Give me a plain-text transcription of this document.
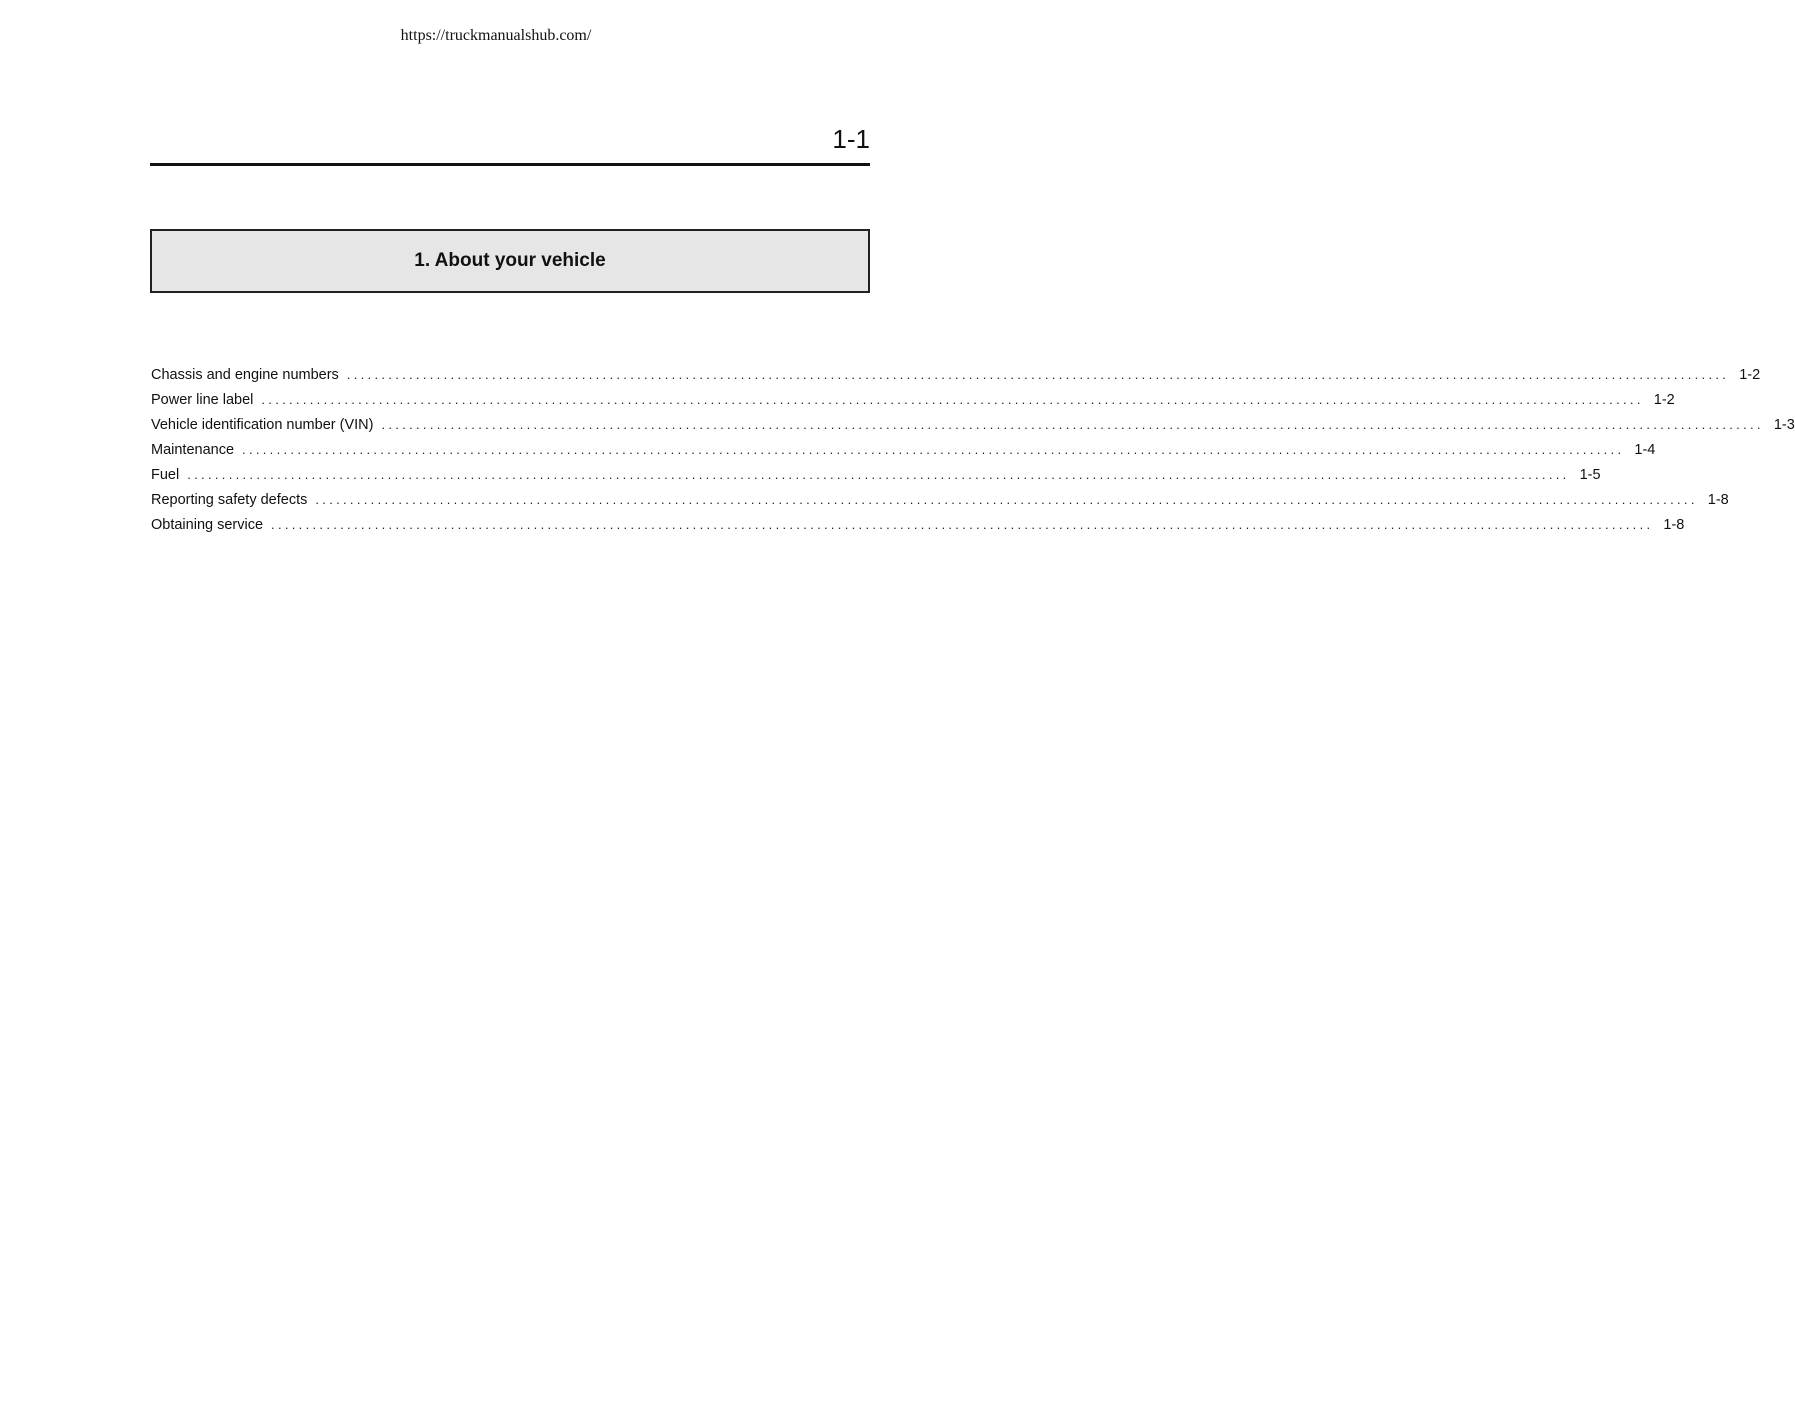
https://truckmanualshub.com/
1-1
1. About your vehicle
Chassis and engine numbers ........................................................................................................................................................................................................ 1-2
Power line label ........................................................................................................................................................................................................ 1-2
Vehicle identification number (VIN) ........................................................................................................................................................................................................ 1-3
Maintenance ........................................................................................................................................................................................................ 1-4
Fuel ........................................................................................................................................................................................................ 1-5
Reporting safety defects ........................................................................................................................................................................................................ 1-8
Obtaining service ........................................................................................................................................................................................................ 1-8
